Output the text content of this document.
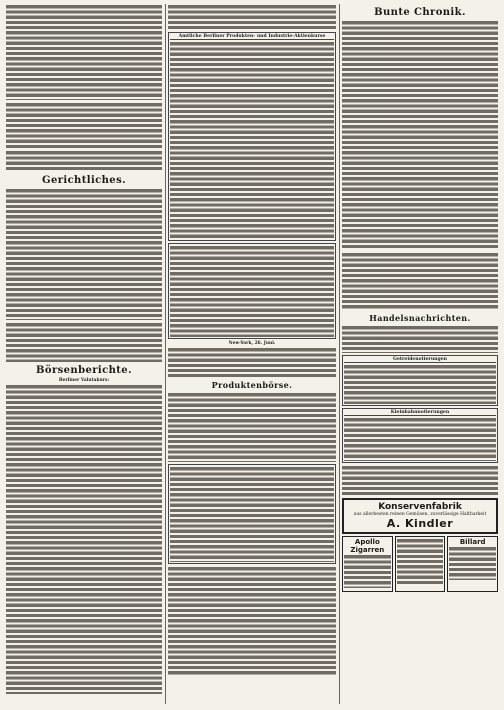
Gerichtliches.
Börsenberichte.
Berliner Valutakurs:
Amtliche Berliner Produkten- und Industrie-Aktienkurse
New-York, 26. Juni.
Produktenbörse.
Bunte Chronik.
Handelsnachrichten.
Getreidenotierungen
Kleinbahnnotierungen
Konservenfabrik
aus allerbesten reinen Gemüsen, zuverlässige Haltbarkeit
A. Kindler
Apollo Zigarren
Billard
